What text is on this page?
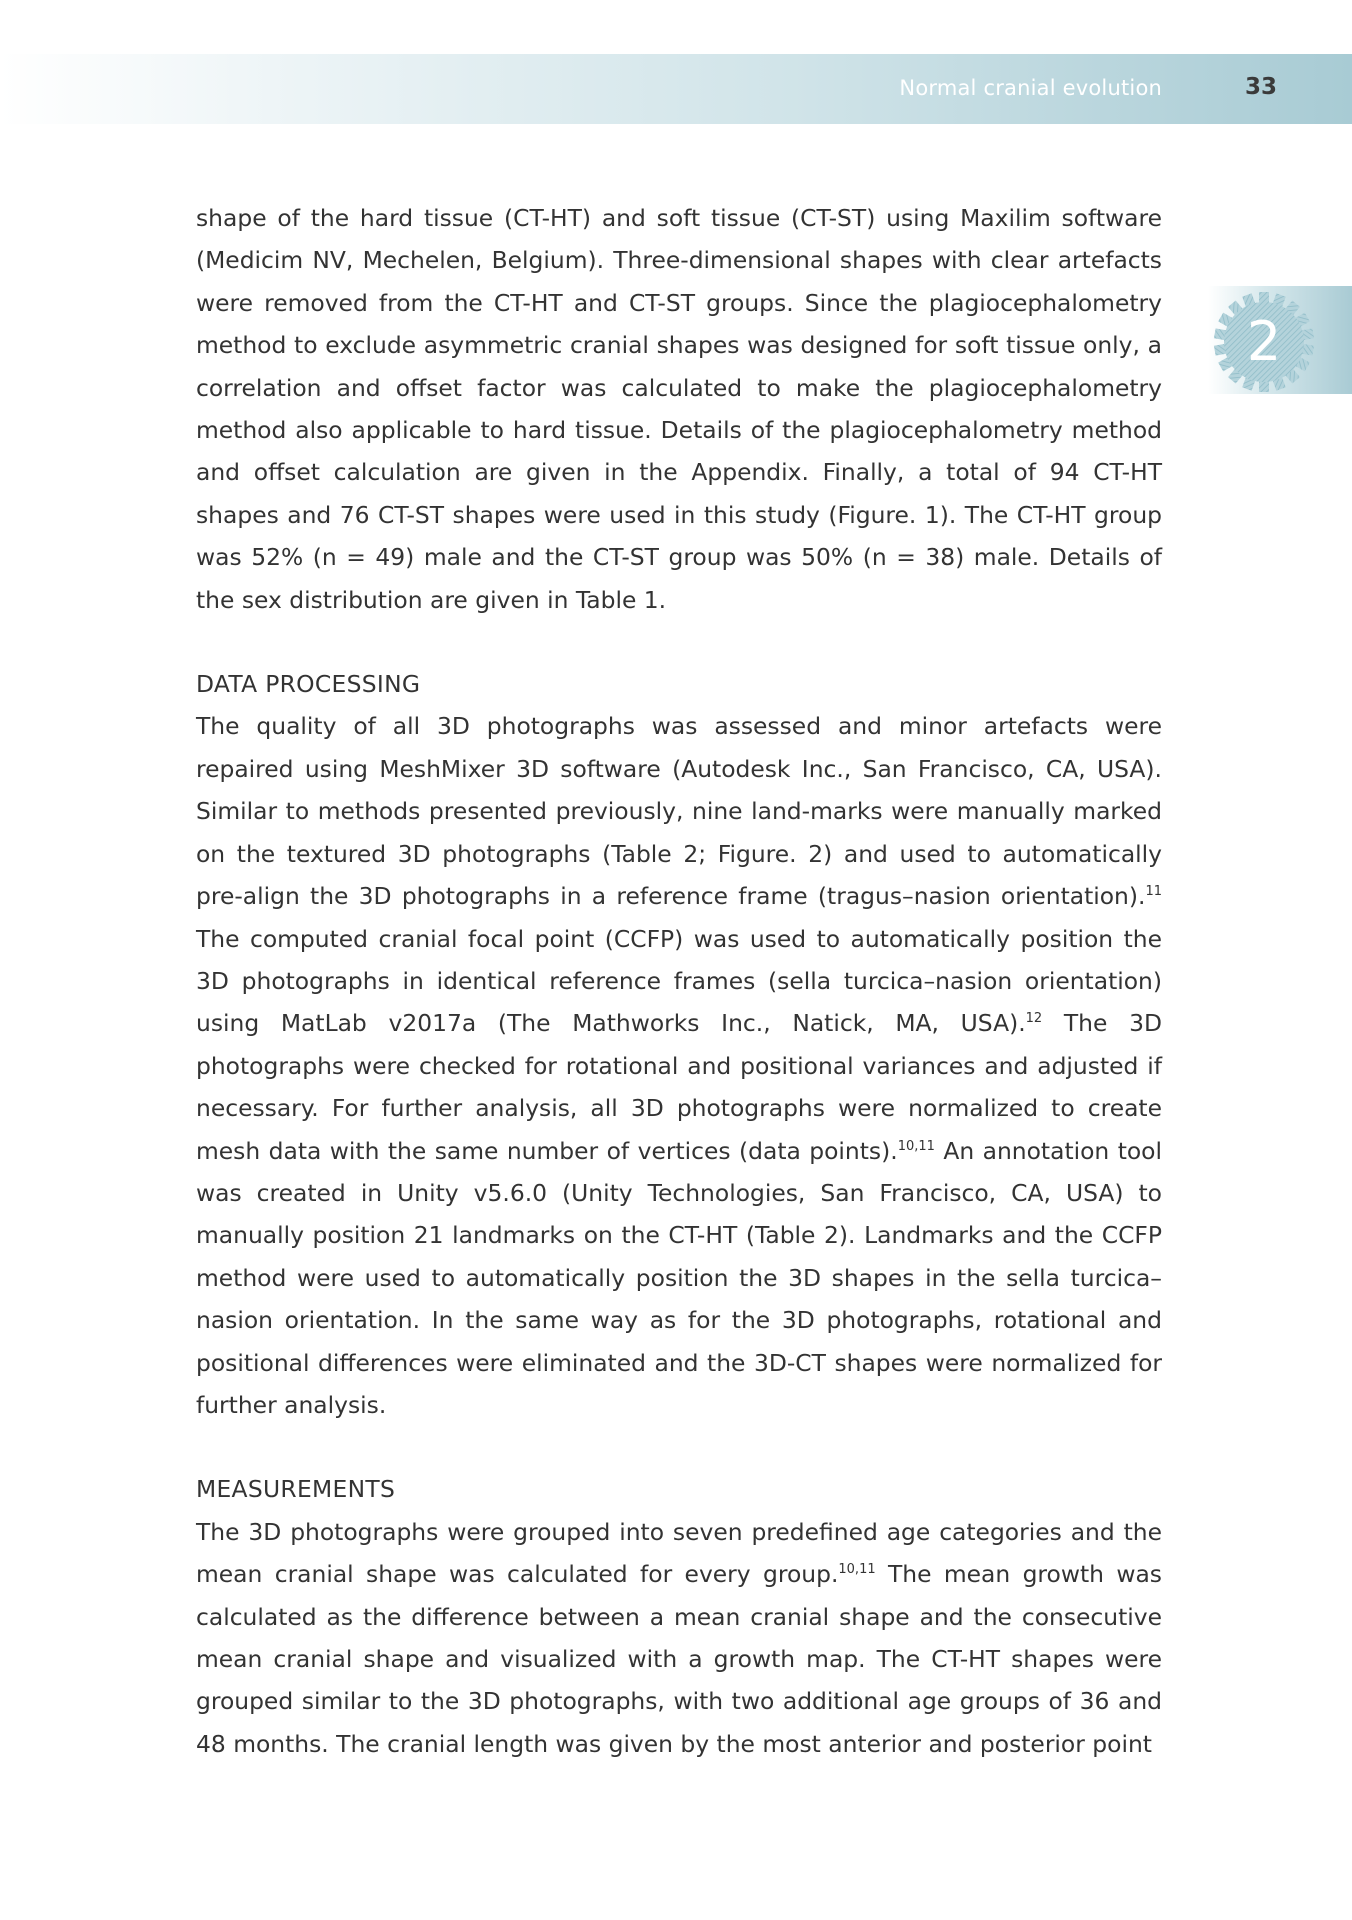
Normal cranial evolution	33
2

shape of the hard tissue (CT-HT) and soft tissue (CT-ST) using Maxilim software (Medicim NV, Mechelen, Belgium). Three-dimensional shapes with clear artefacts were removed from the CT-HT and CT-ST groups. Since the plagiocephalometry method to exclude asymmetric cranial shapes was designed for soft tissue only, a correlation and offset factor was calculated to make the plagiocephalometry method also applicable to hard tissue. Details of the plagiocephalometry method and offset calculation are given in the Appendix. Finally, a total of 94 CT-HT shapes and 76 CT-ST shapes were used in this study (Figure. 1). The CT-HT group was 52% (n = 49) male and the CT-ST group was 50% (n = 38) male. Details of the sex distribution are given in Table 1.

DATA PROCESSING

The quality of all 3D photographs was assessed and minor artefacts were repaired using MeshMixer 3D software (Autodesk Inc., San Francisco, CA, USA). Similar to methods presented previously, nine land-marks were manually marked on the textured 3D photographs (Table 2; Figure. 2) and used to automatically pre-align the 3D photographs in a reference frame (tragus–nasion orientation).$^{11}$ The computed cranial focal point (CCFP) was used to automatically position the 3D photographs in identical reference frames (sella turcica–nasion orientation) using MatLab v2017a (The Mathworks Inc., Natick, MA, USA).$^{12}$ The 3D photographs were checked for rotational and positional variances and adjusted if necessary. For further analysis, all 3D photographs were normalized to create mesh data with the same number of vertices (data points).$^{10,11}$ An annotation tool was created in Unity v5.6.0 (Unity Technologies, San Francisco, CA, USA) to manually position 21 landmarks on the CT-HT (Table 2). Landmarks and the CCFP method were used to automatically position the 3D shapes in the sella turcica–nasion orientation. In the same way as for the 3D photographs, rotational and positional differences were eliminated and the 3D-CT shapes were normalized for further analysis.

MEASUREMENTS

The 3D photographs were grouped into seven predefined age categories and the mean cranial shape was calculated for every group.$^{10,11}$ The mean growth was calculated as the difference between a mean cranial shape and the consecutive mean cranial shape and visualized with a growth map. The CT-HT shapes were grouped similar to the 3D photographs, with two additional age groups of 36 and 48 months. The cranial length was given by the most anterior and posterior point
